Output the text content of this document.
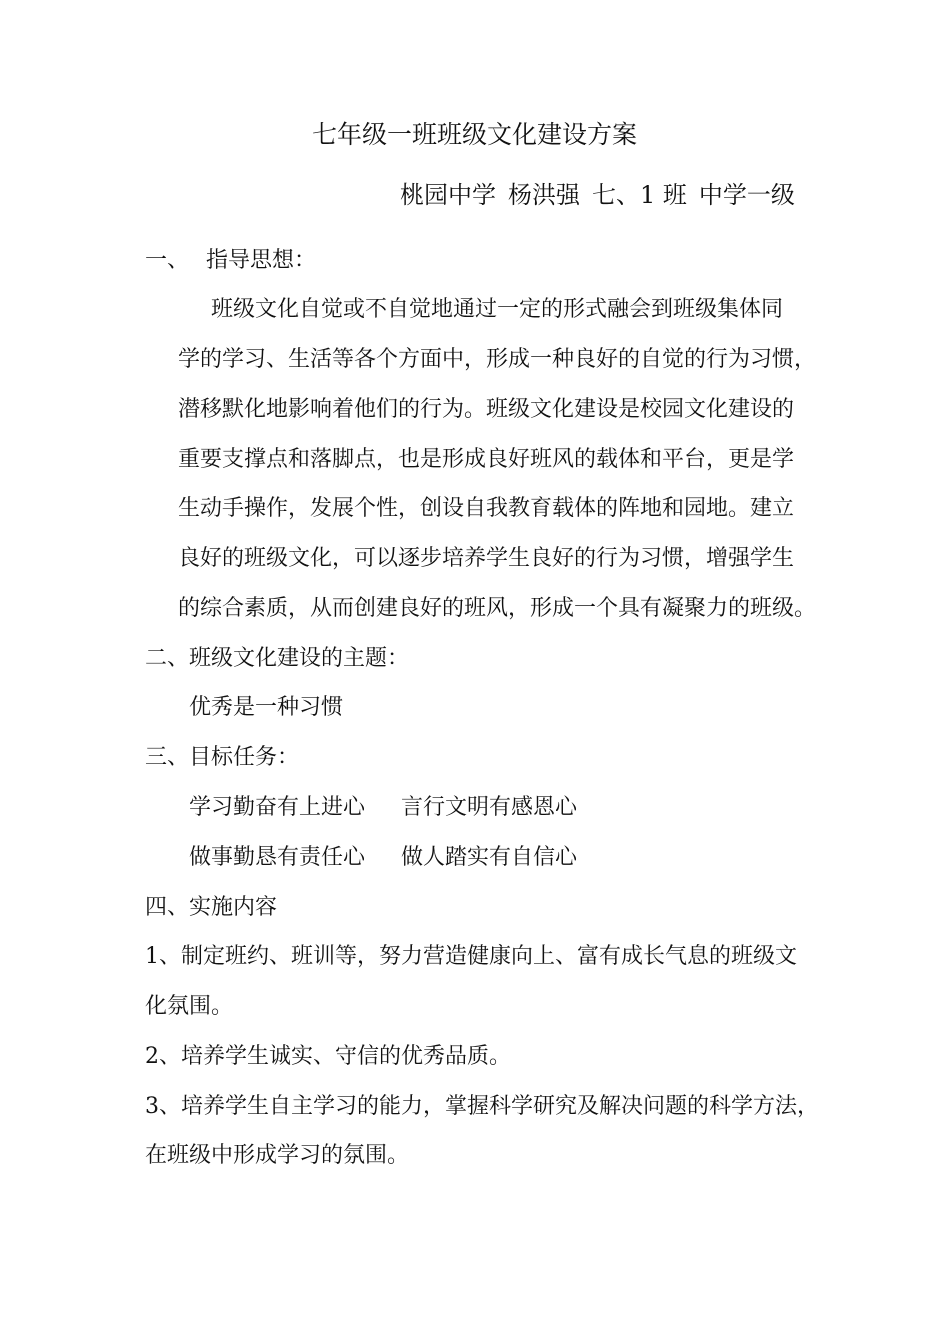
七年级一班班级文化建设方案
桃园中学 杨洪强 七、1 班 中学一级
一、 指导思想：
班级文化自觉或不自觉地通过一定的形式融会到班级集体同
学的学习、生活等各个方面中，形成一种良好的自觉的行为习惯，
潜移默化地影响着他们的行为。班级文化建设是校园文化建设的
重要支撑点和落脚点，也是形成良好班风的载体和平台，更是学
生动手操作，发展个性，创设自我教育载体的阵地和园地。建立
良好的班级文化，可以逐步培养学生良好的行为习惯，增强学生
的综合素质，从而创建良好的班风，形成一个具有凝聚力的班级。
二、班级文化建设的主题：
优秀是一种习惯
三、目标任务：
学习勤奋有上进心 言行文明有感恩心
做事勤恳有责任心 做人踏实有自信心
四、实施内容
1、制定班约、班训等，努力营造健康向上、富有成长气息的班级文
化氛围。
2、培养学生诚实、守信的优秀品质。
3、培养学生自主学习的能力，掌握科学研究及解决问题的科学方法，
在班级中形成学习的氛围。
